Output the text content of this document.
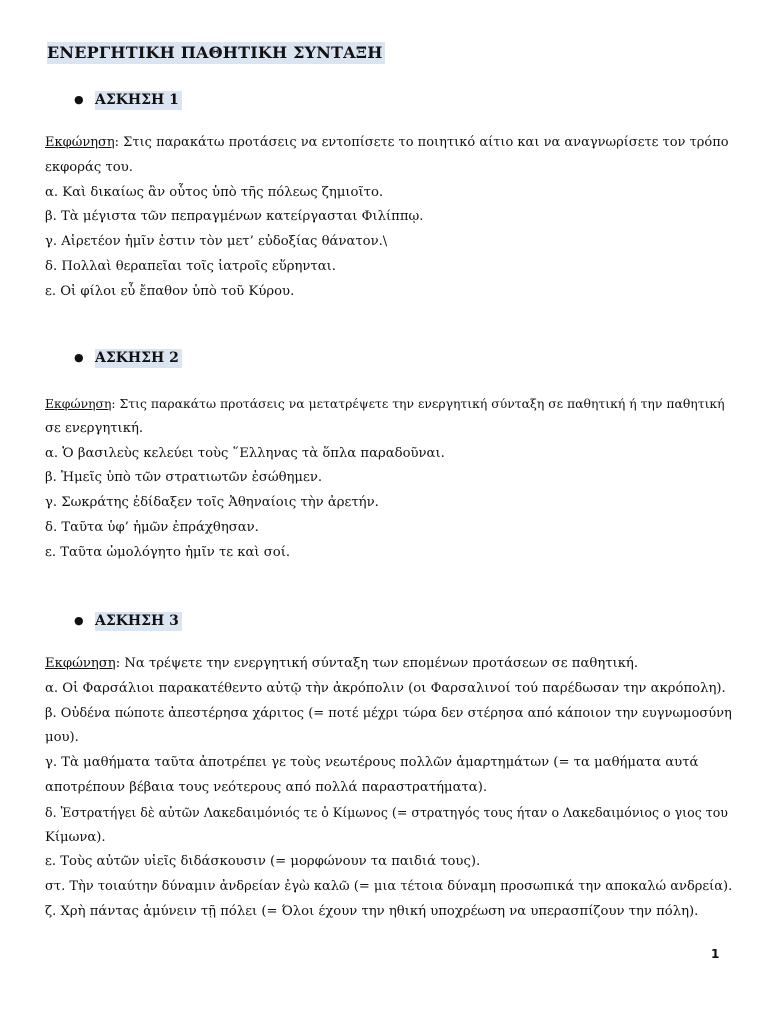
ΕΝΕΡΓΗΤΙΚΗ ΠΑΘΗΤΙΚΗ ΣΥΝΤΑΞΗ
● ΑΣΚΗΣΗ 1
Εκφώνηση: Στις παρακάτω προτάσεις να εντοπίσετε το ποιητικό αίτιο και να αναγνωρίσετε τον τρόπο
εκφοράς του.
α. Καὶ δικαίως ἂν οὗτος ὑπὸ τῆς πόλεως ζημιοῖτο.
β. Τὰ μέγιστα τῶν πεπραγμένων κατείργασται Φιλίππῳ.
γ. Αἱρετέον ἡμῖν ἐστιν τὸν μετ’ εὐδοξίας θάνατον.\
δ. Πολλαὶ θεραπεῖαι τοῖς ἰατροῖς εὕρηνται.
ε. Οἱ φίλοι εὖ ἔπαθον ὑπὸ τοῦ Κύρου.
● ΑΣΚΗΣΗ 2
Εκφώνηση: Στις παρακάτω προτάσεις να μετατρέψετε την ενεργητική σύνταξη σε παθητική ή την παθητική
σε ενεργητική.
α. Ὁ βασιλεὺς κελεύει τοὺς ῞Ελληνας τὰ ὅπλα παραδοῦναι.
β. Ἡμεῖς ὑπὸ τῶν στρατιωτῶν ἐσώθημεν.
γ. Σωκράτης ἐδίδαξεν τοῖς Ἀθηναίοις τὴν ἀρετήν.
δ. Ταῦτα ὑφ’ ἡμῶν ἐπράχθησαν.
ε. Ταῦτα ὡμολόγητο ἡμῖν τε καὶ σοί.
● ΑΣΚΗΣΗ 3
Εκφώνηση: Να τρέψετε την ενεργητική σύνταξη των επομένων προτάσεων σε παθητική.
α. Οἱ Φαρσάλιοι παρακατέθεντο αὐτῷ τὴν ἀκρόπολιν (οι Φαρσαλινοί τού παρέδωσαν την ακρόπολη).
β. Οὐδένα πώποτε ἀπεστέρησα χάριτος (= ποτέ μέχρι τώρα δεν στέρησα από κάποιον την ευγνωμοσύνη
μου).
γ. Τὰ μαθήματα ταῦτα ἀποτρέπει γε τοὺς νεωτέρους πολλῶν ἁμαρτημάτων (= τα μαθήματα αυτά
αποτρέπουν βέβαια τους νεότερους από πολλά παραστρατήματα).
δ. Ἐστρατήγει δὲ αὐτῶν Λακεδαιμόνιός τε ὁ Κίμωνος (= στρατηγός τους ήταν ο Λακεδαιμόνιος ο γιος του
Κίμωνα).
ε. Τοὺς αὐτῶν υἱεῖς διδάσκουσιν (= μορφώνουν τα παιδιά τους).
στ. Τὴν τοιαύτην δύναμιν ἀνδρείαν ἐγὼ καλῶ (= μια τέτοια δύναμη προσωπικά την αποκαλώ ανδρεία).
ζ. Χρὴ πάντας ἀμύνειν τῇ πόλει (= Όλοι έχουν την ηθική υποχρέωση να υπερασπίζουν την πόλη).
1
